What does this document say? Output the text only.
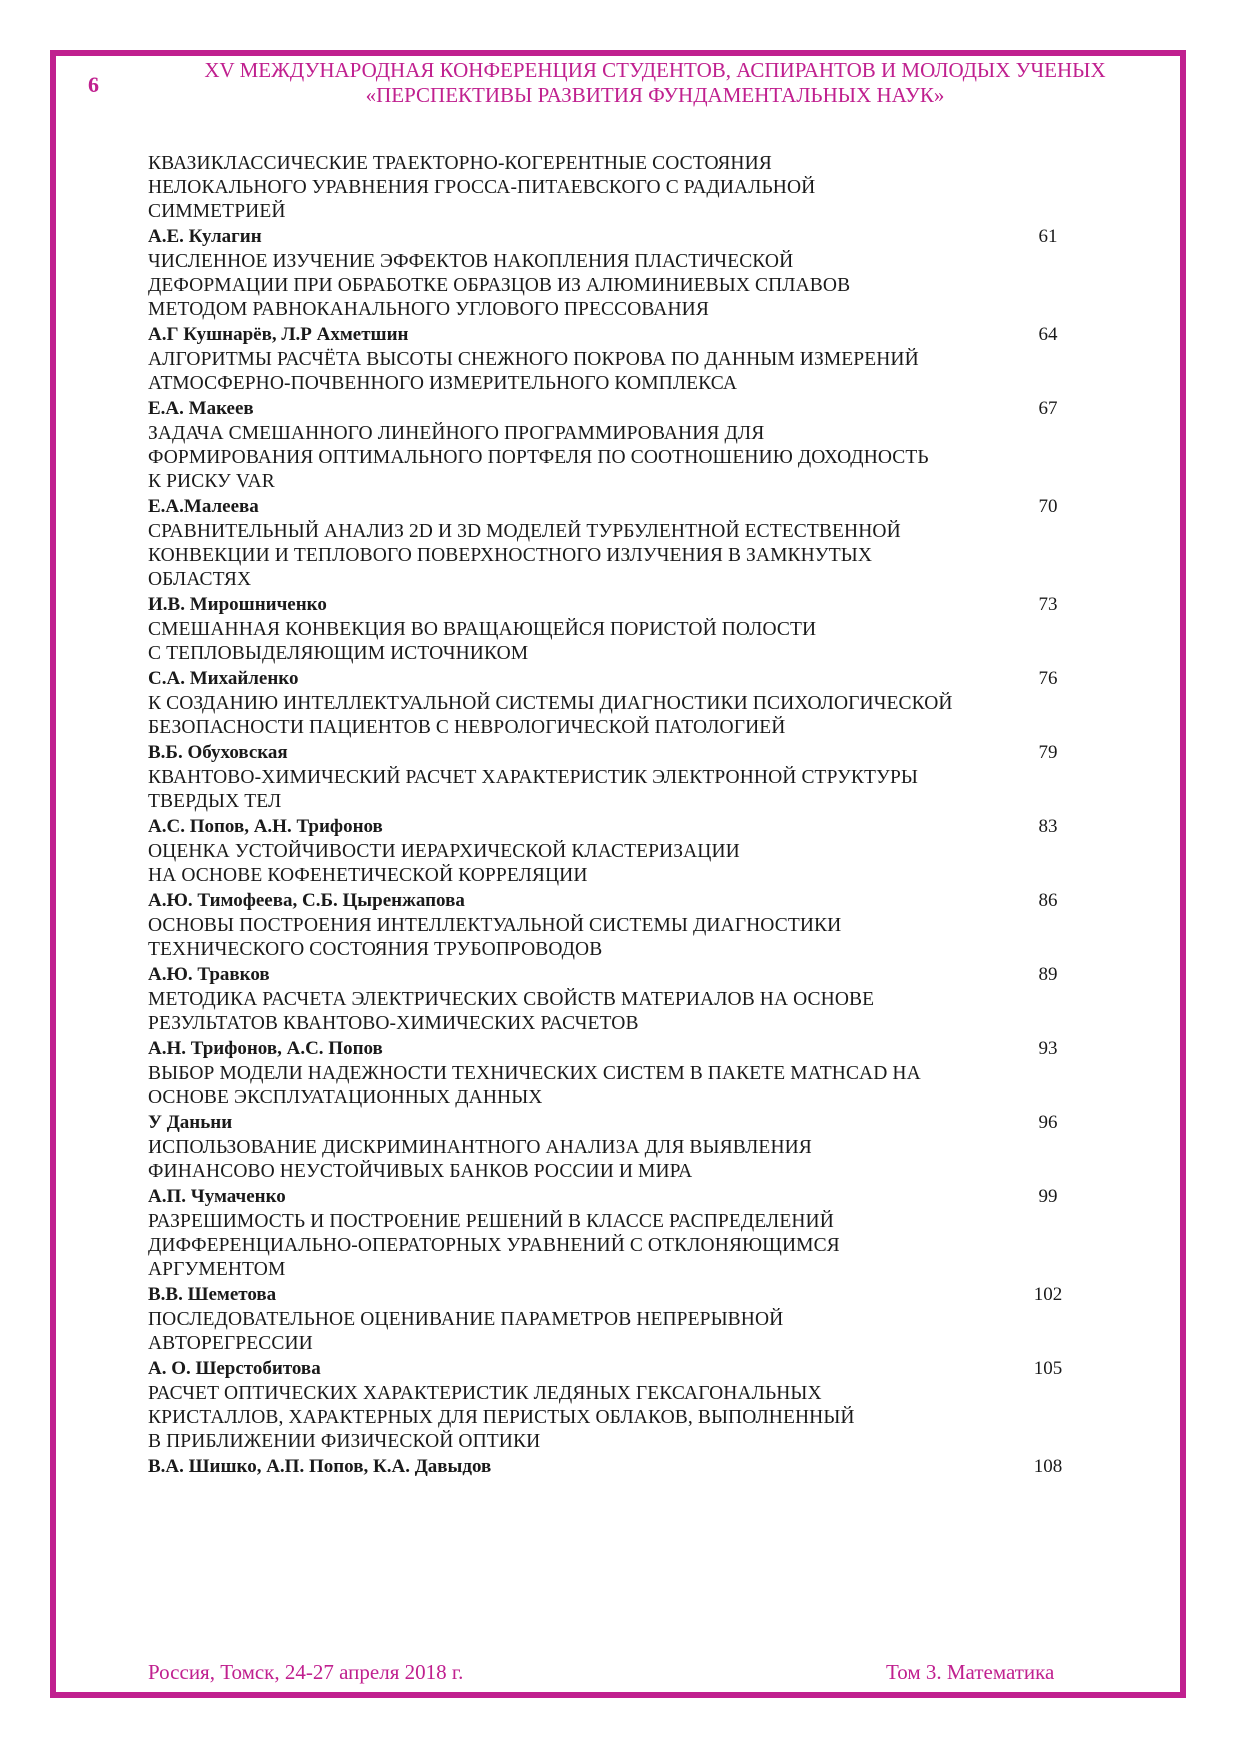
6
XV МЕЖДУНАРОДНАЯ КОНФЕРЕНЦИЯ СТУДЕНТОВ, АСПИРАНТОВ И МОЛОДЫХ УЧЕНЫХ
«ПЕРСПЕКТИВЫ РАЗВИТИЯ ФУНДАМЕНТАЛЬНЫХ НАУК»
КВАЗИКЛАССИЧЕСКИЕ ТРАЕКТОРНО-КОГЕРЕНТНЫЕ СОСТОЯНИЯ
НЕЛОКАЛЬНОГО УРАВНЕНИЯ ГРОССА-ПИТАЕВСКОГО С РАДИАЛЬНОЙ
СИММЕТРИЕЙ
А.Е. Кулагин	61
ЧИСЛЕННОЕ ИЗУЧЕНИЕ ЭФФЕКТОВ НАКОПЛЕНИЯ ПЛАСТИЧЕСКОЙ
ДЕФОРМАЦИИ ПРИ ОБРАБОТКЕ ОБРАЗЦОВ ИЗ АЛЮМИНИЕВЫХ СПЛАВОВ
МЕТОДОМ РАВНОКАНАЛЬНОГО УГЛОВОГО ПРЕССОВАНИЯ
А.Г Кушнарёв, Л.Р Ахметшин	64
АЛГОРИТМЫ РАСЧЁТА ВЫСОТЫ СНЕЖНОГО ПОКРОВА ПО ДАННЫМ ИЗМЕРЕНИЙ
АТМОСФЕРНО-ПОЧВЕННОГО ИЗМЕРИТЕЛЬНОГО КОМПЛЕКСА
Е.А. Макеев	67
ЗАДАЧА СМЕШАННОГО ЛИНЕЙНОГО ПРОГРАММИРОВАНИЯ ДЛЯ
ФОРМИРОВАНИЯ ОПТИМАЛЬНОГО ПОРТФЕЛЯ ПО СООТНОШЕНИЮ ДОХОДНОСТЬ
К РИСКУ VAR
Е.А.Малеева	70
СРАВНИТЕЛЬНЫЙ АНАЛИЗ 2D И 3D МОДЕЛЕЙ ТУРБУЛЕНТНОЙ ЕСТЕСТВЕННОЙ
КОНВЕКЦИИ И ТЕПЛОВОГО ПОВЕРХНОСТНОГО ИЗЛУЧЕНИЯ В ЗАМКНУТЫХ
ОБЛАСТЯХ
И.В. Мирошниченко	73
СМЕШАННАЯ КОНВЕКЦИЯ ВО ВРАЩАЮЩЕЙСЯ ПОРИСТОЙ ПОЛОСТИ
С ТЕПЛОВЫДЕЛЯЮЩИМ ИСТОЧНИКОМ
С.А. Михайленко	76
К СОЗДАНИЮ ИНТЕЛЛЕКТУАЛЬНОЙ СИСТЕМЫ ДИАГНОСТИКИ ПСИХОЛОГИЧЕСКОЙ
БЕЗОПАСНОСТИ ПАЦИЕНТОВ С НЕВРОЛОГИЧЕСКОЙ ПАТОЛОГИЕЙ
В.Б. Обуховская	79
КВАНТОВО-ХИМИЧЕСКИЙ РАСЧЕТ ХАРАКТЕРИСТИК ЭЛЕКТРОННОЙ СТРУКТУРЫ
ТВЕРДЫХ ТЕЛ
А.С. Попов, А.Н. Трифонов	83
ОЦЕНКА УСТОЙЧИВОСТИ ИЕРАРХИЧЕСКОЙ КЛАСТЕРИЗАЦИИ
НА ОСНОВЕ КОФЕНЕТИЧЕСКОЙ КОРРЕЛЯЦИИ
А.Ю. Тимофеева, С.Б. Цыренжапова	86
ОСНОВЫ ПОСТРОЕНИЯ ИНТЕЛЛЕКТУАЛЬНОЙ СИСТЕМЫ ДИАГНОСТИКИ
ТЕХНИЧЕСКОГО СОСТОЯНИЯ ТРУБОПРОВОДОВ
А.Ю. Травков	89
МЕТОДИКА РАСЧЕТА ЭЛЕКТРИЧЕСКИХ СВОЙСТВ МАТЕРИАЛОВ НА ОСНОВЕ
РЕЗУЛЬТАТОВ КВАНТОВО-ХИМИЧЕСКИХ РАСЧЕТОВ
А.Н. Трифонов, А.С. Попов	93
ВЫБОР МОДЕЛИ НАДЕЖНОСТИ ТЕХНИЧЕСКИХ СИСТЕМ В ПАКЕТЕ MATHCAD НА
ОСНОВЕ ЭКСПЛУАТАЦИОННЫХ ДАННЫХ
У Даньни	96
ИСПОЛЬЗОВАНИЕ ДИСКРИМИНАНТНОГО АНАЛИЗА ДЛЯ ВЫЯВЛЕНИЯ
ФИНАНСОВО НЕУСТОЙЧИВЫХ БАНКОВ РОССИИ И МИРА
А.П. Чумаченко	99
РАЗРЕШИМОСТЬ И ПОСТРОЕНИЕ РЕШЕНИЙ В КЛАССЕ РАСПРЕДЕЛЕНИЙ
ДИФФЕРЕНЦИАЛЬНО-ОПЕРАТОРНЫХ УРАВНЕНИЙ С ОТКЛОНЯЮЩИМСЯ
АРГУМЕНТОМ
В.В. Шеметова	102
ПОСЛЕДОВАТЕЛЬНОЕ ОЦЕНИВАНИЕ ПАРАМЕТРОВ НЕПРЕРЫВНОЙ
АВТОРЕГРЕССИИ
А. О. Шерстобитова	105
РАСЧЕТ ОПТИЧЕСКИХ ХАРАКТЕРИСТИК ЛЕДЯНЫХ ГЕКСАГОНАЛЬНЫХ
КРИСТАЛЛОВ, ХАРАКТЕРНЫХ ДЛЯ ПЕРИСТЫХ ОБЛАКОВ, ВЫПОЛНЕННЫЙ
В ПРИБЛИЖЕНИИ ФИЗИЧЕСКОЙ ОПТИКИ
В.А. Шишко, А.П. Попов, К.А. Давыдов	108
Россия, Томск, 24-27 апреля 2018 г.	Том 3. Математика
